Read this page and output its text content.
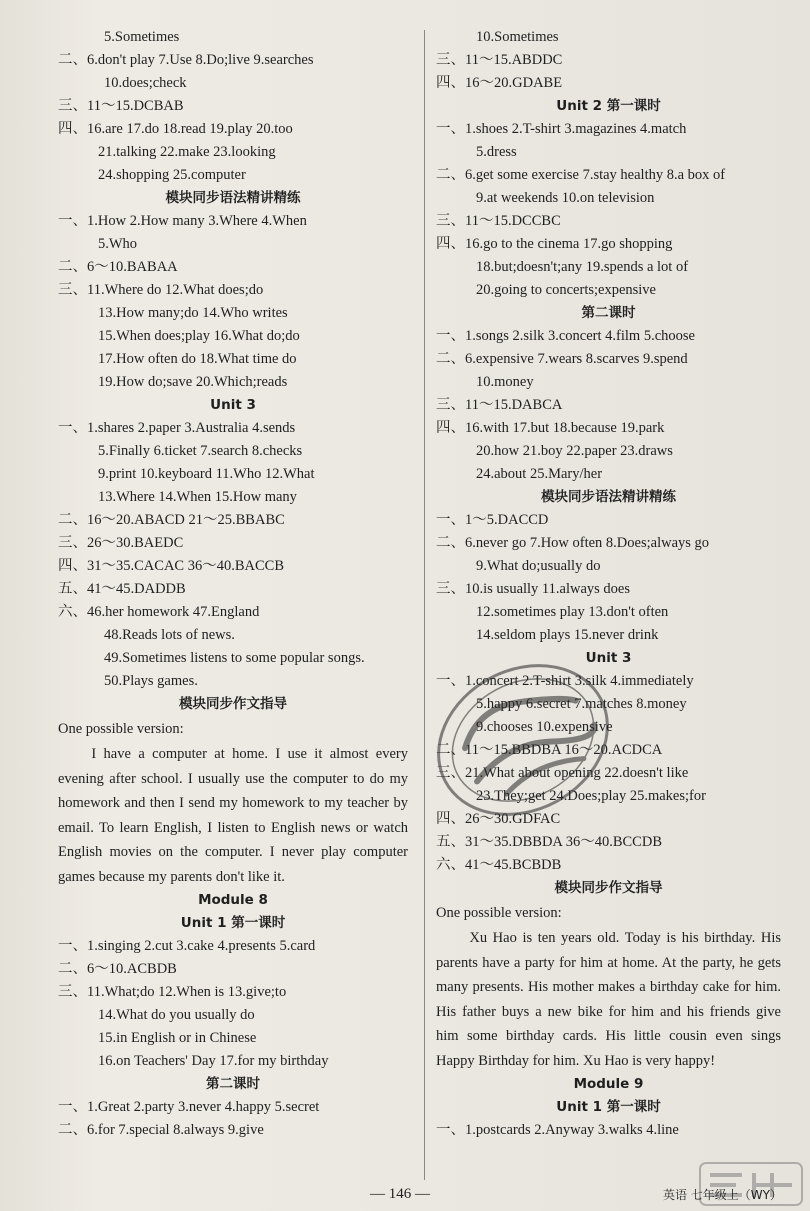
5.Sometimes
二、6.don't play 7.Use 8.Do;live 9.searches
10.does;check
三、11～15.DCBAB
四、16.are 17.do 18.read 19.play 20.too
21.talking 22.make 23.looking
24.shopping 25.computer
模块同步语法精讲精练
一、1.How 2.How many 3.Where 4.When
5.Who
二、6～10.BABAA
三、11.Where do 12.What does;do
13.How many;do 14.Who writes
15.When does;play 16.What do;do
17.How often do 18.What time do
19.How do;save 20.Which;reads
Unit 3
一、1.shares 2.paper 3.Australia 4.sends
5.Finally 6.ticket 7.search 8.checks
9.print 10.keyboard 11.Who 12.What
13.Where 14.When 15.How many
二、16～20.ABACD 21～25.BBABC
三、26～30.BAEDC
四、31～35.CACAC 36～40.BACCB
五、41～45.DADDB
六、46.her homework 47.England
48.Reads lots of news.
49.Sometimes listens to some popular songs.
50.Plays games.
模块同步作文指导
One possible version:

I have a computer at home. I use it almost every evening after school. I usually use the computer to do my homework and then I send my homework to my teacher by email. To learn English, I listen to English news or watch English movies on the computer. I never play computer games because my parents don't like it.

Module 8
Unit 1 第一课时
一、1.singing 2.cut 3.cake 4.presents 5.card
二、6～10.ACBDB
三、11.What;do 12.When is 13.give;to
14.What do you usually do
15.in English or in Chinese
16.on Teachers' Day 17.for my birthday
第二课时
一、1.Great 2.party 3.never 4.happy 5.secret
二、6.for 7.special 8.always 9.give
10.Sometimes
三、11～15.ABDDC
四、16～20.GDABE
Unit 2 第一课时
一、1.shoes 2.T-shirt 3.magazines 4.match
5.dress
二、6.get some exercise 7.stay healthy 8.a box of
9.at weekends 10.on television
三、11～15.DCCBC
四、16.go to the cinema 17.go shopping
18.but;doesn't;any 19.spends a lot of
20.going to concerts;expensive
第二课时
一、1.songs 2.silk 3.concert 4.film 5.choose
二、6.expensive 7.wears 8.scarves 9.spend
10.money
三、11～15.DABCA
四、16.with 17.but 18.because 19.park
20.how 21.boy 22.paper 23.draws
24.about 25.Mary/her
模块同步语法精讲精练
一、1～5.DACCD
二、6.never go 7.How often 8.Does;always go
9.What do;usually do
三、10.is usually 11.always does
12.sometimes play 13.don't often
14.seldom plays 15.never drink
Unit 3
一、1.concert 2.T-shirt 3.silk 4.immediately
5.happy 6.secret 7.matches 8.money
9.chooses 10.expensive
二、11～15.BBDBA 16～20.ACDCA
三、21.What about opening 22.doesn't like
23.They;get 24.Does;play 25.makes;for
四、26～30.GDFAC
五、31～35.DBBDA 36～40.BCCDB
六、41～45.BCBDB
模块同步作文指导
One possible version:

Xu Hao is ten years old. Today is his birthday. His parents have a party for him at home. At the party, he gets many presents. His mother makes a birthday cake for him. His father buys a new bike for him and his friends give him some birthday cards. His little cousin even sings Happy Birthday for him. Xu Hao is very happy!

Module 9
Unit 1 第一课时
一、1.postcards 2.Anyway 3.walks 4.line
— 146 —	英语 七年级上（WY）
